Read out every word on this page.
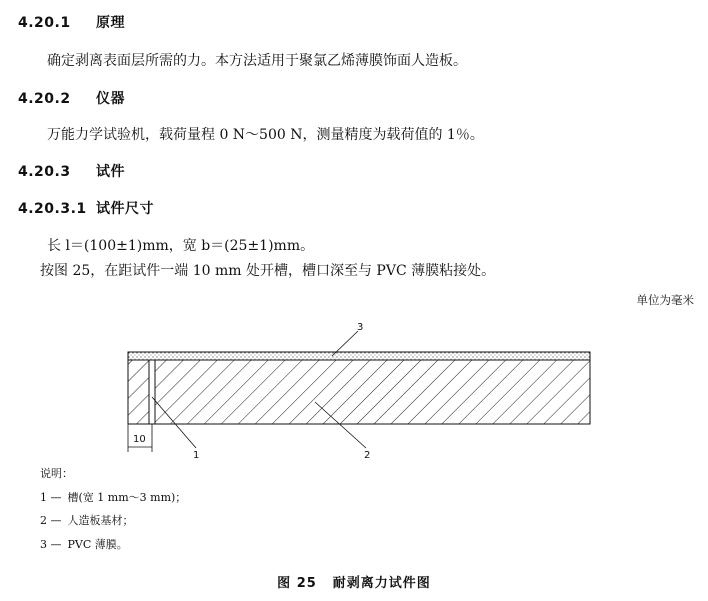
4.20.1 原理
确定剥离表面层所需的力。本方法适用于聚氯乙烯薄膜饰面人造板。
4.20.2 仪器
万能力学试验机，载荷量程 0 N～500 N，测量精度为载荷值的 1％。
4.20.3 试件
4.20.3.1 试件尺寸
长 l＝(100±1)mm，宽 b＝(25±1)mm。
按图 25，在距试件一端 10 mm 处开槽，槽口深至与 PVC 薄膜粘接处。
单位为毫米
10
1	2
3
说明：
1 — 槽(宽 1 mm～3 mm)；
2 — 人造板基材；
3 — PVC 薄膜。
图 25 耐剥离力试件图
